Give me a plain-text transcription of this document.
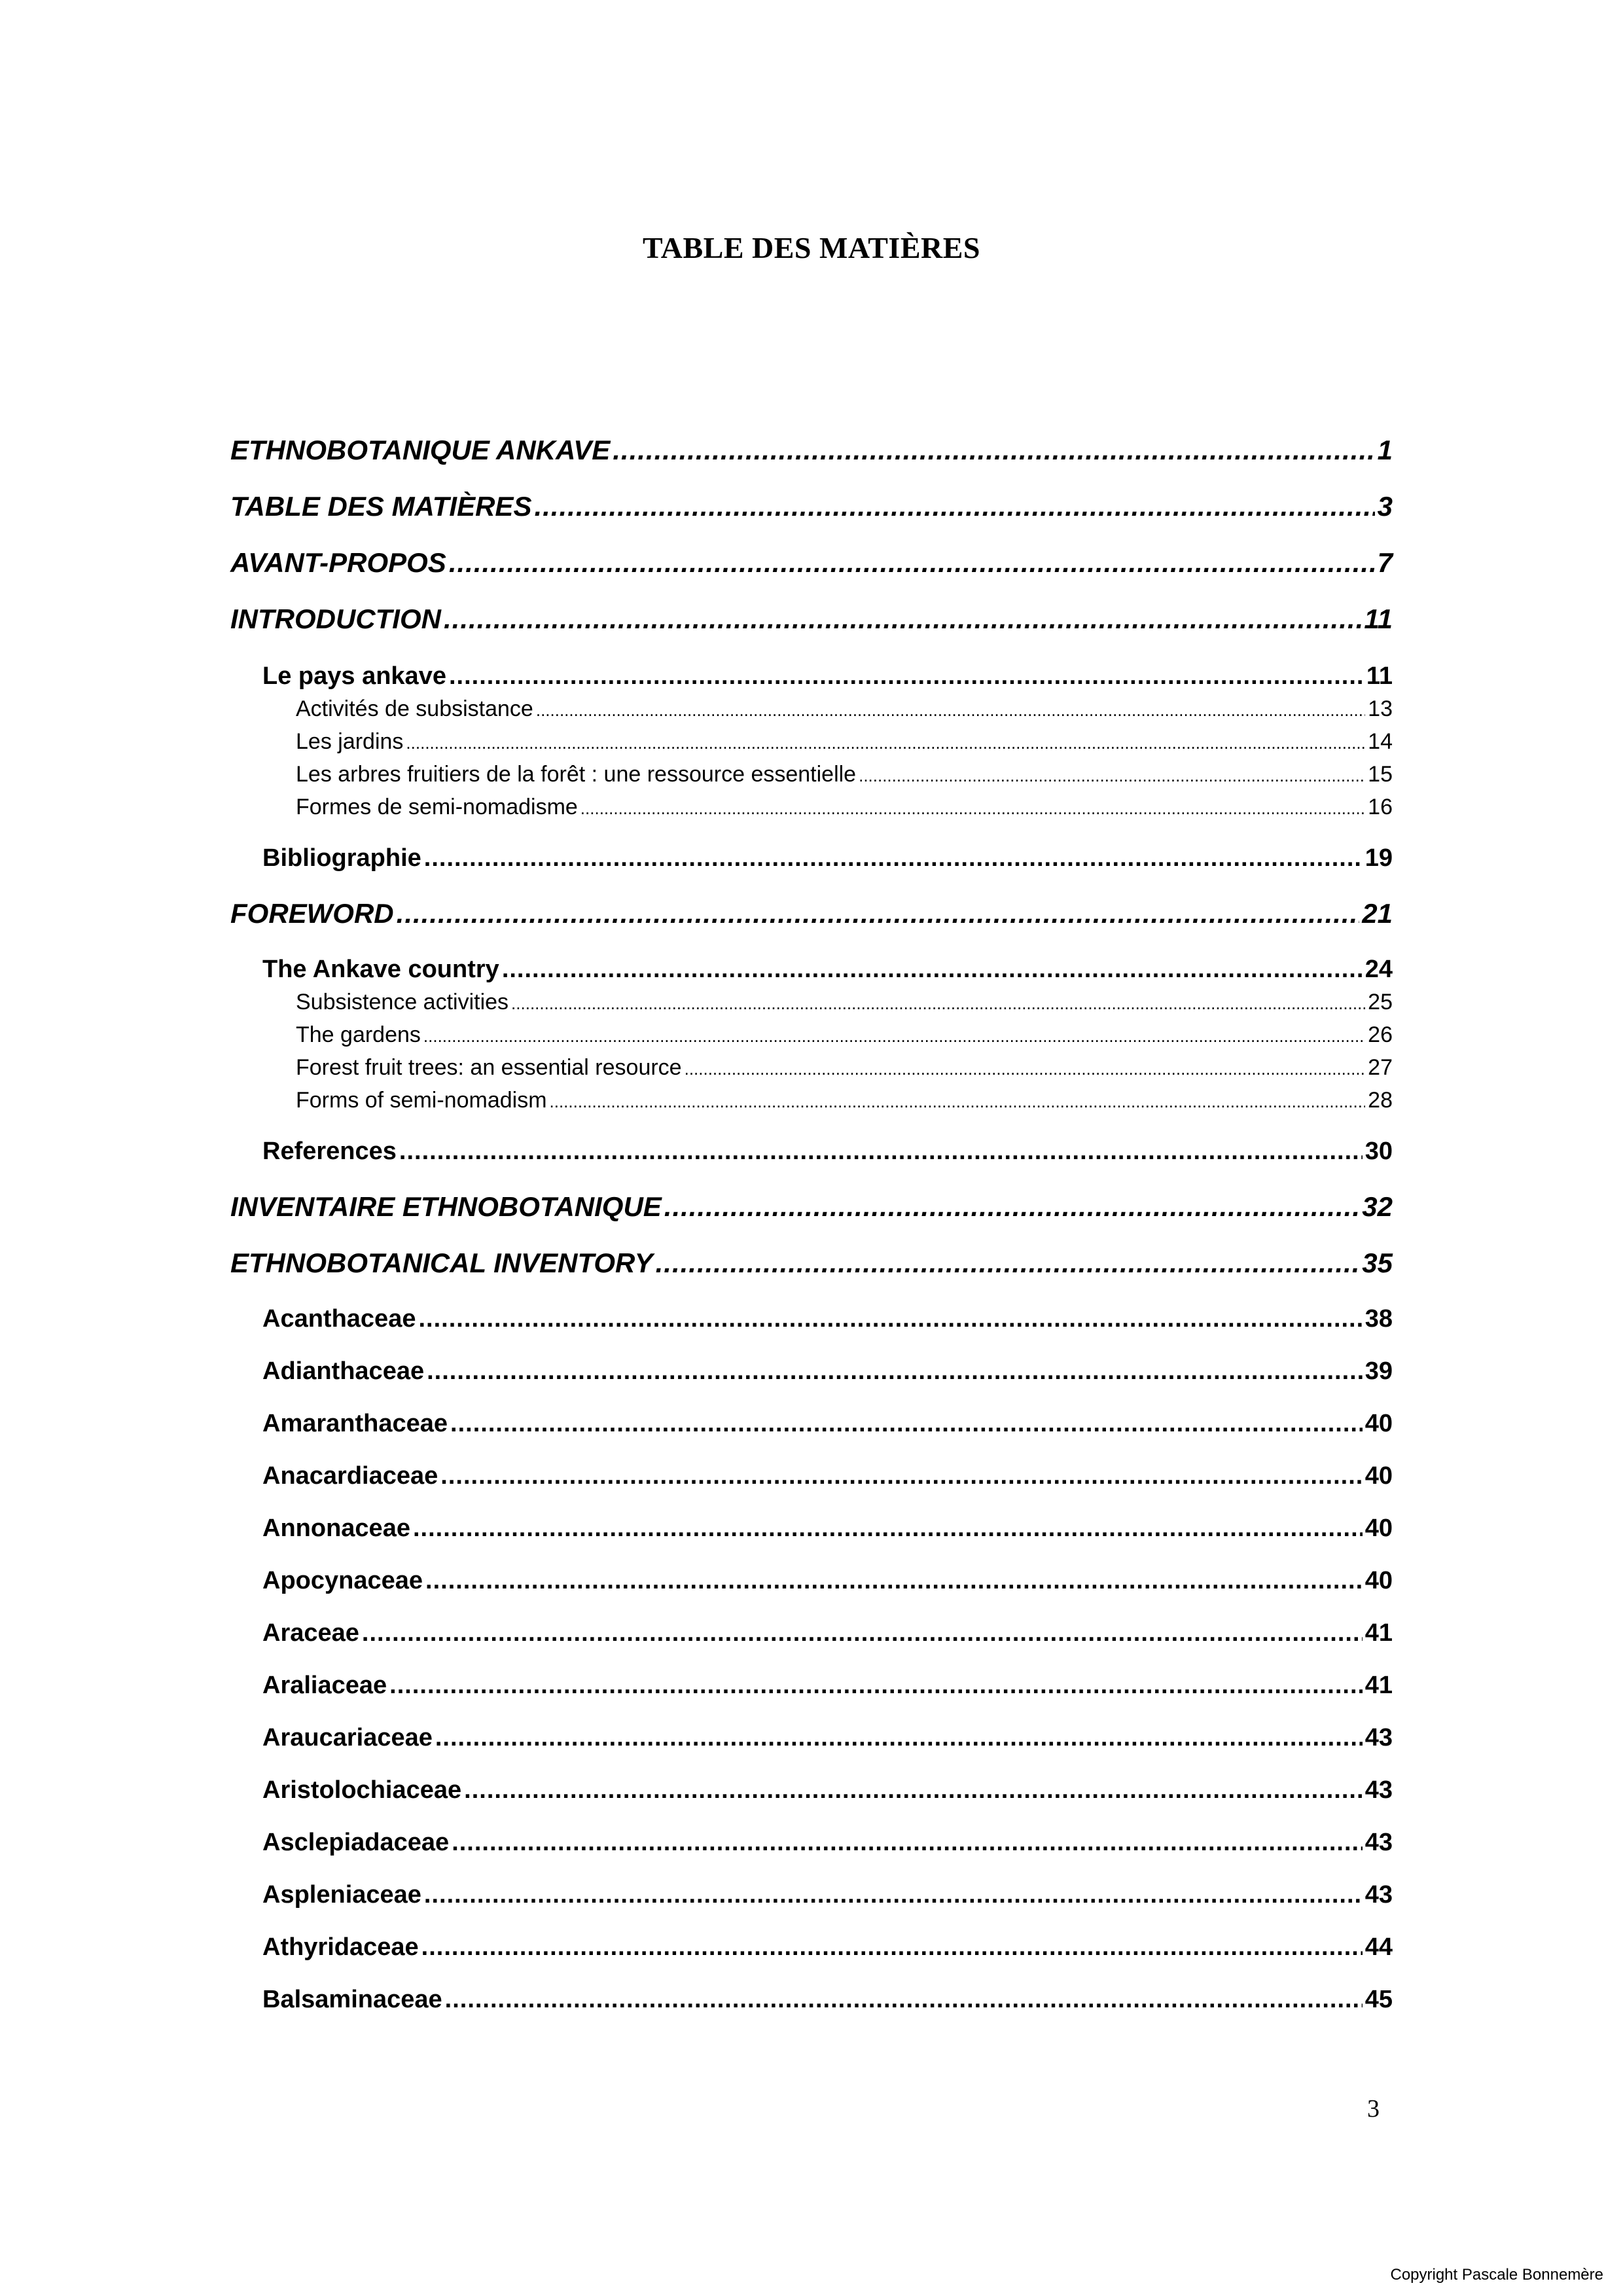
TABLE DES MATIÈRES
ETHNOBOTANIQUE ANKAVE .....	1
TABLE DES MATIÈRES .....	3
AVANT-PROPOS .....	7
INTRODUCTION .....	11
Le pays ankave .....	11
Activités de subsistance .....	13
Les jardins .....	14
Les arbres fruitiers de la forêt : une ressource essentielle .....	15
Formes de semi-nomadisme .....	16
Bibliographie .....	19
FOREWORD .....	21
The Ankave country .....	24
Subsistence activities .....	25
The gardens .....	26
Forest fruit trees: an essential resource .....	27
Forms of semi-nomadism .....	28
References .....	30
INVENTAIRE ETHNOBOTANIQUE .....	32
ETHNOBOTANICAL INVENTORY .....	35
Acanthaceae .....	38
Adianthaceae .....	39
Amaranthaceae .....	40
Anacardiaceae .....	40
Annonaceae .....	40
Apocynaceae .....	40
Araceae .....	41
Araliaceae .....	41
Araucariaceae .....	43
Aristolochiaceae .....	43
Asclepiadaceae .....	43
Aspleniaceae .....	43
Athyridaceae .....	44
Balsaminaceae .....	45
3
Copyright Pascale Bonnemère
